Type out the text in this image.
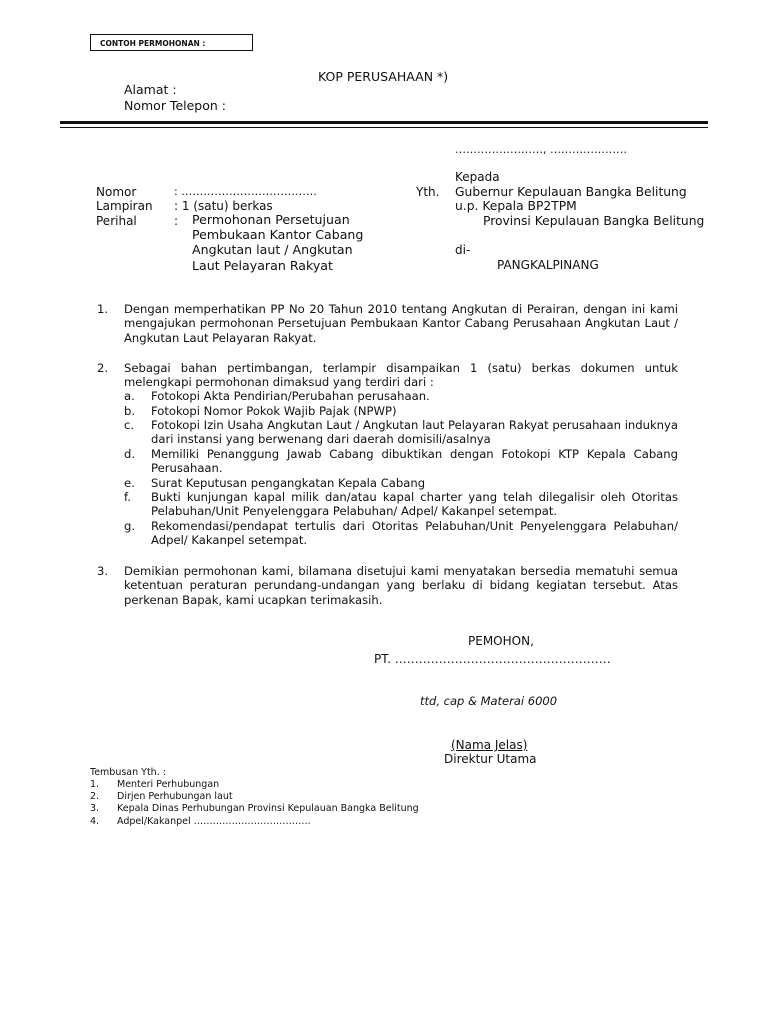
CONTOH PERMOHONAN :
KOP PERUSAHAAN *)
Alamat :
Nomor Telepon :
……………………, …………………
Kepada
Yth. Gubernur Kepulauan Bangka Belitung
u.p. Kepala BP2TPM
Provinsi Kepulauan Bangka Belitung
di-
PANGKALPINANG
Nomor	: ……………………………….
Lampiran : 1 (satu) berkas
Perihal	: Permohonan Persetujuan
Pembukaan Kantor Cabang
Angkutan laut / Angkutan
Laut Pelayaran Rakyat
1. Dengan memperhatikan PP No 20 Tahun 2010 tentang Angkutan di Perairan, dengan ini kami mengajukan permohonan Persetujuan Pembukaan Kantor Cabang Perusahaan Angkutan Laut / Angkutan Laut Pelayaran Rakyat.
2. Sebagai bahan pertimbangan, terlampir disampaikan 1 (satu) berkas dokumen untuk melengkapi permohonan dimaksud yang terdiri dari :
a. Fotokopi Akta Pendirian/Perubahan perusahaan.
b. Fotokopi Nomor Pokok Wajib Pajak (NPWP)
c. Fotokopi Izin Usaha Angkutan Laut / Angkutan laut Pelayaran Rakyat perusahaan induknya dari instansi yang berwenang dari daerah domisili/asalnya
d. Memiliki Penanggung Jawab Cabang dibuktikan dengan Fotokopi KTP Kepala Cabang Perusahaan.
e. Surat Keputusan pengangkatan Kepala Cabang
f. Bukti kunjungan kapal milik dan/atau kapal charter yang telah dilegalisir oleh Otoritas Pelabuhan/Unit Penyelenggara Pelabuhan/ Adpel/ Kakanpel setempat.
g. Rekomendasi/pendapat tertulis dari Otoritas Pelabuhan/Unit Penyelenggara Pelabuhan/ Adpel/ Kakanpel setempat.
3. Demikian permohonan kami, bilamana disetujui kami menyatakan bersedia mematuhi semua ketentuan peraturan perundang-undangan yang berlaku di bidang kegiatan tersebut. Atas perkenan Bapak, kami ucapkan terimakasih.
PEMOHON,
PT. ………………………………………………
ttd, cap & Materai 6000
(Nama Jelas)
Direktur Utama
Tembusan Yth. :
1. Menteri Perhubungan
2. Dirjen Perhubungan laut
3. Kepala Dinas Perhubungan Provinsi Kepulauan Bangka Belitung
4. Adpel/Kakanpel ……………………………….
